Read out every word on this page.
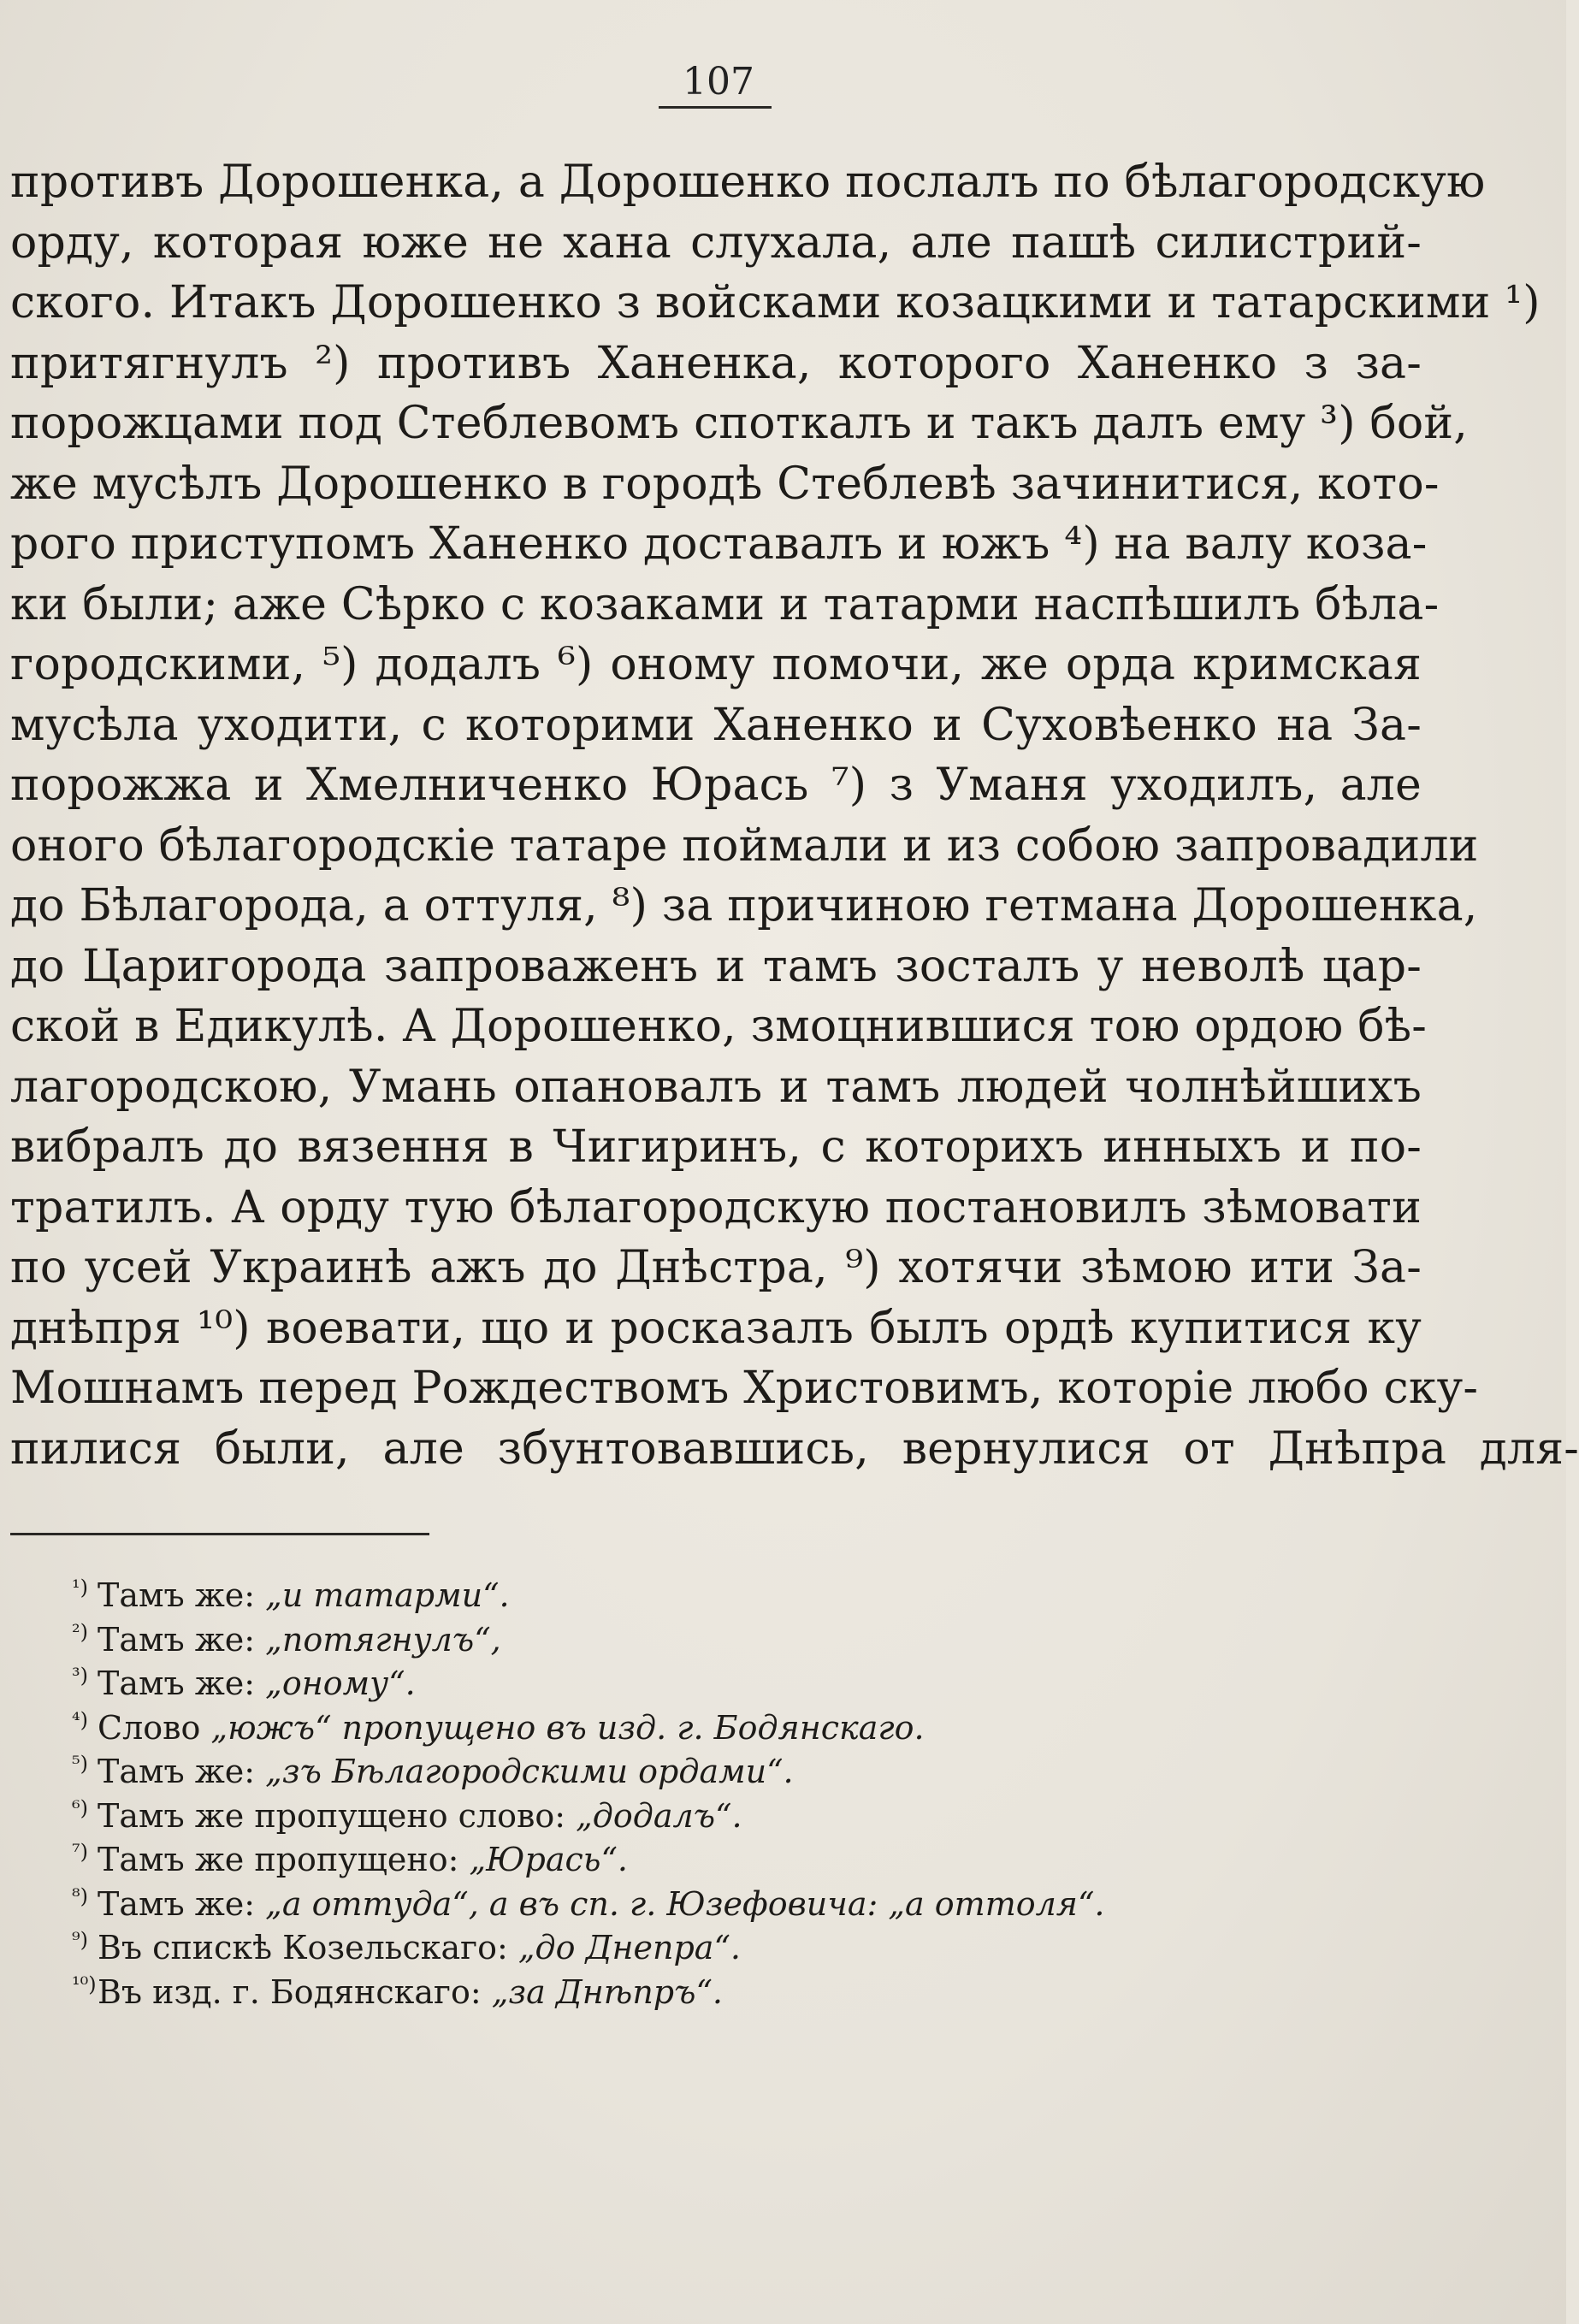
107
противъ Дорошенка, а Дорошенко послалъ по бѣлагородскую
орду, которая юже не хана слухала, але пашѣ силистрий-
ского. Итакъ Дорошенко з войсками козацкими и татарскими ¹)
притягнулъ ²) противъ Ханенка, которого Ханенко з за-
порожцами под Стеблевомъ споткалъ и такъ далъ ему ³) бой,
же мусѣлъ Дорошенко в городѣ Стеблевѣ зачинитися, кото-
рого приступомъ Ханенко доставалъ и южъ ⁴) на валу коза-
ки были; аже Сѣрко с козаками и татарми наспѣшилъ бѣла-
городскими, ⁵) додалъ ⁶) оному помочи, же орда кримская
мусѣла уходити, с которими Ханенко и Суховѣенко на За-
порожжа и Хмелниченко Юрась ⁷) з Уманя уходилъ, але
оного бѣлагородскіе татаре поймали и из собою запровадили
до Бѣлагорода, а оттуля, ⁸) за причиною гетмана Дорошенка,
до Царигорода запроваженъ и тамъ зосталъ у неволѣ цар-
ской в Едикулѣ. А Дорошенко, змоцнившися тою ордою бѣ-
лагородскою, Умань опановалъ и тамъ людей чолнѣйшихъ
вибралъ до вязення в Чигиринъ, с которихъ инныхъ и по-
тратилъ. А орду тую бѣлагородскую постановилъ зѣмовати
по усей Украинѣ ажъ до Днѣстра, ⁹) хотячи зѣмою ити За-
днѣпря ¹⁰) воевати, що и росказалъ былъ ордѣ купитися ку
Мошнамъ перед Рождествомъ Христовимъ, которіе любо ску-
пилися были, але збунтовавшись, вернулися от Днѣпра для-
¹) Тамъ же: „и татарми“.
²) Тамъ же: „потягнулъ“,
³) Тамъ же: „оному“.
⁴) Слово „южъ“ пропущено въ изд. г. Бодянскаго.
⁵) Тамъ же: „зъ Бѣлагородскими ордами“.
⁶) Тамъ же пропущено слово: „додалъ“.
⁷) Тамъ же пропущено: „Юрась“.
⁸) Тамъ же: „а оттуда“, а въ сп. г. Юзефовича: „а оттоля“.
⁹) Въ спискѣ Козельскаго: „до Днепра“.
¹⁰)Въ изд. г. Бодянскаго: „за Днѣпръ“.
